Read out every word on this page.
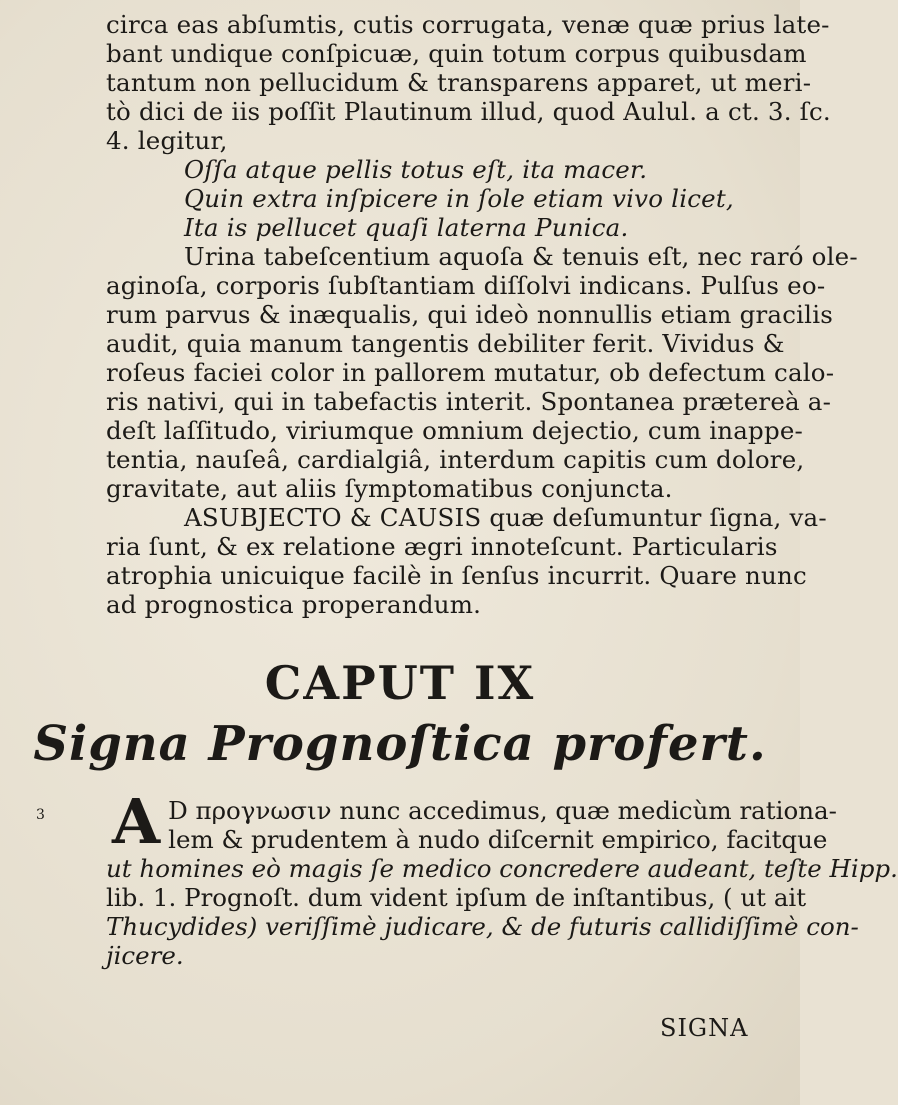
circa eas abſumtis, cutis corrugata, venæ quæ prius late-
bant undique conſpicuæ, quin totum corpus quibusdam
tantum non pellucidum & transparens apparet, ut meri-
tò dici de iis poſſit Plautinum illud, quod Aulul. a ct. 3. ſc.
4. legitur,
Oſſa atque pellis totus eſt, ita macer.
Quin extra inſpicere in ſole etiam vivo licet,
Ita is pellucet quaſi laterna Punica.
Urina tabeſcentium aquoſa & tenuis eſt, nec raró ole-
aginoſa, corporis ſubſtantiam diſſolvi indicans. Pulſus eo-
rum parvus & inæqualis, qui ideò nonnullis etiam gracilis
audit, quia manum tangentis debiliter ferit. Vividus &
roſeus faciei color in pallorem mutatur, ob defectum calo-
ris nativi, qui in tabefactis interit. Spontanea prætereà a-
deſt laſſitudo, viriumque omnium dejectio, cum inappe-
tentia, nauſeâ, cardialgiâ, interdum capitis cum dolore,
gravitate, aut aliis ſymptomatibus conjuncta.
ASUBJECTO & CAUSIS quæ deſumuntur ſigna, va-
ria ſunt, & ex relatione ægri innoteſcunt. Particularis
atrophia unicuique facilè in ſenſus incurrit. Quare nunc
ad prognostica properandum.
CAPUT IX
Signa Prognoſtica profert.
3 A D προγνωσιν nunc accedimus, quæ medicùm rationa-
lem & prudentem à nudo diſcernit empirico, facitque
ut homines eò magis ſe medico concredere audeant, teſte Hipp.
lib. 1. Prognoſt. dum vident ipſum de inſtantibus, ( ut ait
Thucydides) veriſſimè judicare, & de futuris callidiſſimè con-
jicere.
SIGNA
